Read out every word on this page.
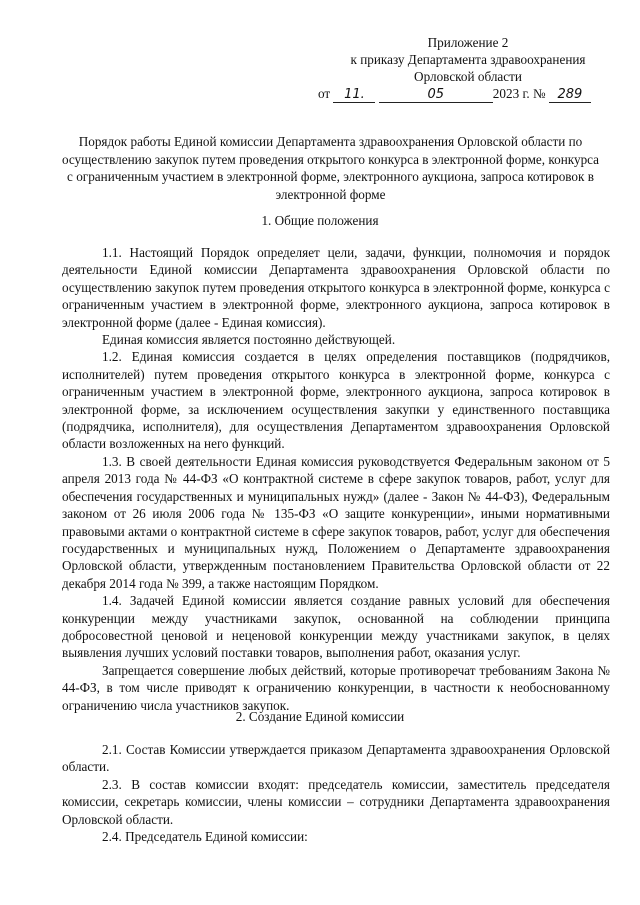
Приложение 2
к приказу Департамента здравоохранения
Орловской области
от 11.	05	2023 г. № 289
Порядок работы Единой комиссии Департамента здравоохранения Орловской области по осуществлению закупок путем проведения открытого конкурса в электронной форме, конкурса с ограниченным участием в электронной форме, электронного аукциона, запроса котировок в электронной форме
1. Общие положения

1.1. Настоящий Порядок определяет цели, задачи, функции, полномочия и порядок деятельности Единой комиссии Департамента здравоохранения Орловской области по осуществлению закупок путем проведения открытого конкурса в электронной форме, конкурса с ограниченным участием в электронной форме, электронного аукциона, запроса котировок в электронной форме (далее - Единая комиссия).

Единая комиссия является постоянно действующей.

1.2. Единая комиссия создается в целях определения поставщиков (подрядчиков, исполнителей) путем проведения открытого конкурса в электронной форме, конкурса с ограниченным участием в электронной форме, электронного аукциона, запроса котировок в электронной форме, за исключением осуществления закупки у единственного поставщика (подрядчика, исполнителя), для осуществления Департаментом здравоохранения Орловской области возложенных на него функций.

1.3. В своей деятельности Единая комиссия руководствуется Федеральным законом от 5 апреля 2013 года № 44-ФЗ «О контрактной системе в сфере закупок товаров, работ, услуг для обеспечения государственных и муниципальных нужд» (далее - Закон № 44-ФЗ), Федеральным законом от 26 июля 2006 года № 135-ФЗ «О защите конкуренции», иными нормативными правовыми актами о контрактной системе в сфере закупок товаров, работ, услуг для обеспечения государственных и муниципальных нужд, Положением о Департаменте здравоохранения Орловской области, утвержденным постановлением Правительства Орловской области от 22 декабря 2014 года № 399, а также настоящим Порядком.

1.4. Задачей Единой комиссии является создание равных условий для обеспечения конкуренции между участниками закупок, основанной на соблюдении принципа добросовестной ценовой и неценовой конкуренции между участниками закупок, в целях выявления лучших условий поставки товаров, выполнения работ, оказания услуг.

Запрещается совершение любых действий, которые противоречат требованиям Закона № 44-ФЗ, в том числе приводят к ограничению конкуренции, в частности к необоснованному ограничению числа участников закупок.

2. Создание Единой комиссии

2.1. Состав Комиссии утверждается приказом Департамента здравоохранения Орловской области.

2.3. В состав комиссии входят: председатель комиссии, заместитель председателя комиссии, секретарь комиссии, члены комиссии – сотрудники Департамента здравоохранения Орловской области.

2.4. Председатель Единой комиссии:
